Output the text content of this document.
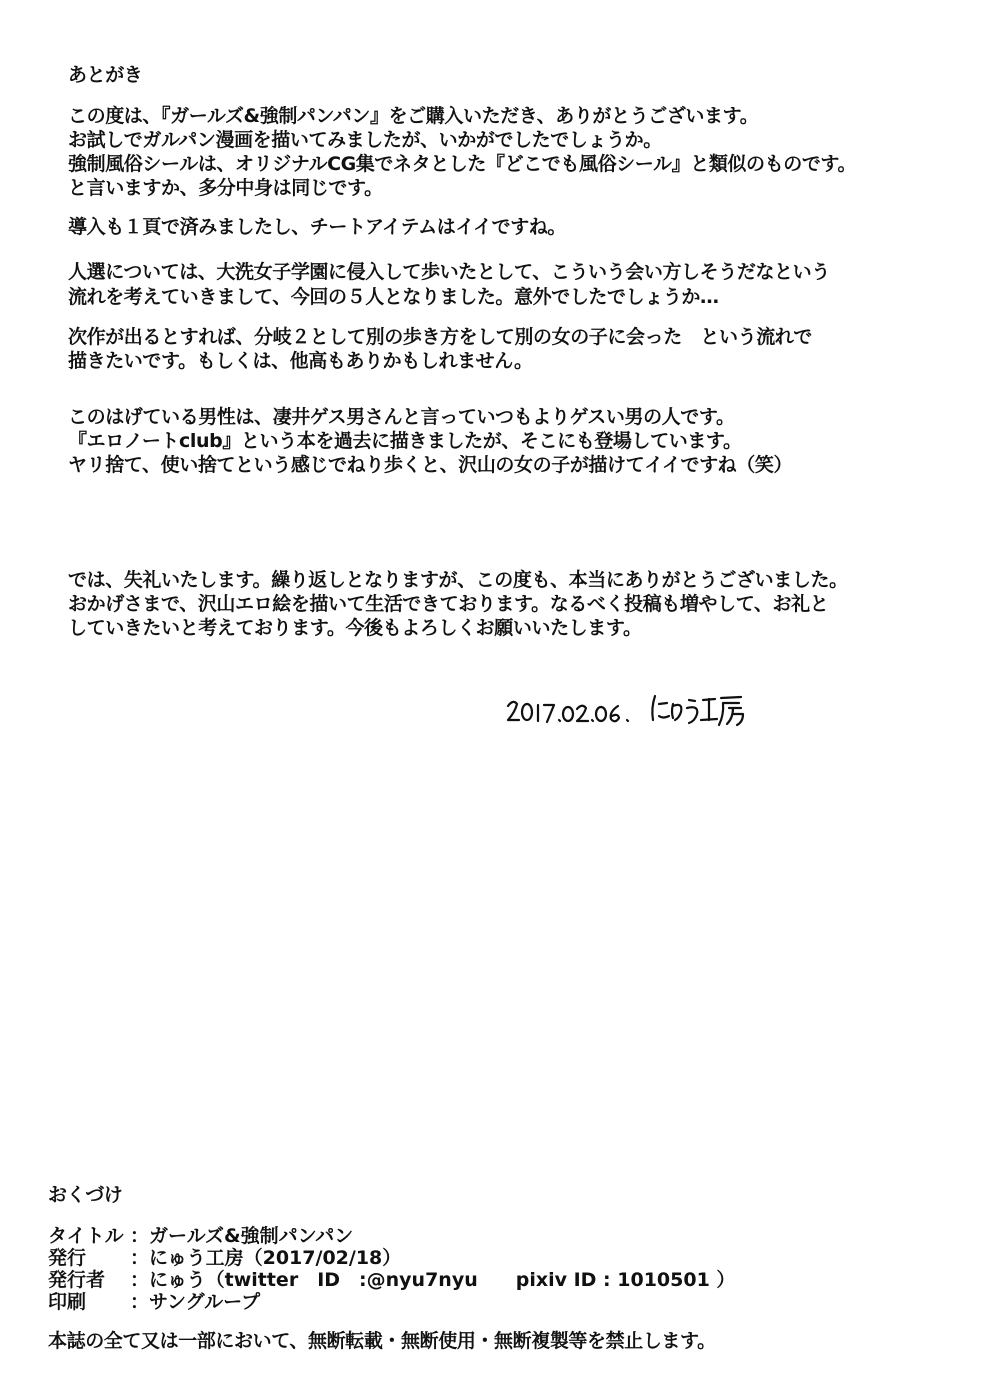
あとがき
この度は、『ガールズ&強制パンパン』をご購入いただき、ありがとうございます。
お試しでガルパン漫画を描いてみましたが、いかがでしたでしょうか。
強制風俗シールは、オリジナルCG集でネタとした『どこでも風俗シール』と類似のものです。
と言いますか、多分中身は同じです。
導入も１頁で済みましたし、チートアイテムはイイですね。
人選については、大洗女子学園に侵入して歩いたとして、こういう会い方しそうだなという
流れを考えていきまして、今回の５人となりました。意外でしたでしょうか…
次作が出るとすれば、分岐２として別の歩き方をして別の女の子に会った　という流れで
描きたいです。もしくは、他高もありかもしれません。
このはげている男性は、凄井ゲス男さんと言っていつもよりゲスい男の人です。
『エロノートclub』という本を過去に描きましたが、そこにも登場しています。
ヤリ捨て、使い捨てという感じでねり歩くと、沢山の女の子が描けてイイですね（笑）
では、失礼いたします。繰り返しとなりますが、この度も、本当にありがとうございました。
おかげさまで、沢山エロ絵を描いて生活できております。なるべく投稿も増やして、お礼と
していきたいと考えております。今後もよろしくお願いいたします。
おくづけ
タイトル ：ガールズ&強制パンパン
発行 ：にゅう工房（2017/02/18）
発行者 ：にゅう（twitter　ID　:@nyu7nyu　　pixiv ID : 1010501 ）
印刷 ：サングループ
本誌の全て又は一部において、無断転載・無断使用・無断複製等を禁止します。
